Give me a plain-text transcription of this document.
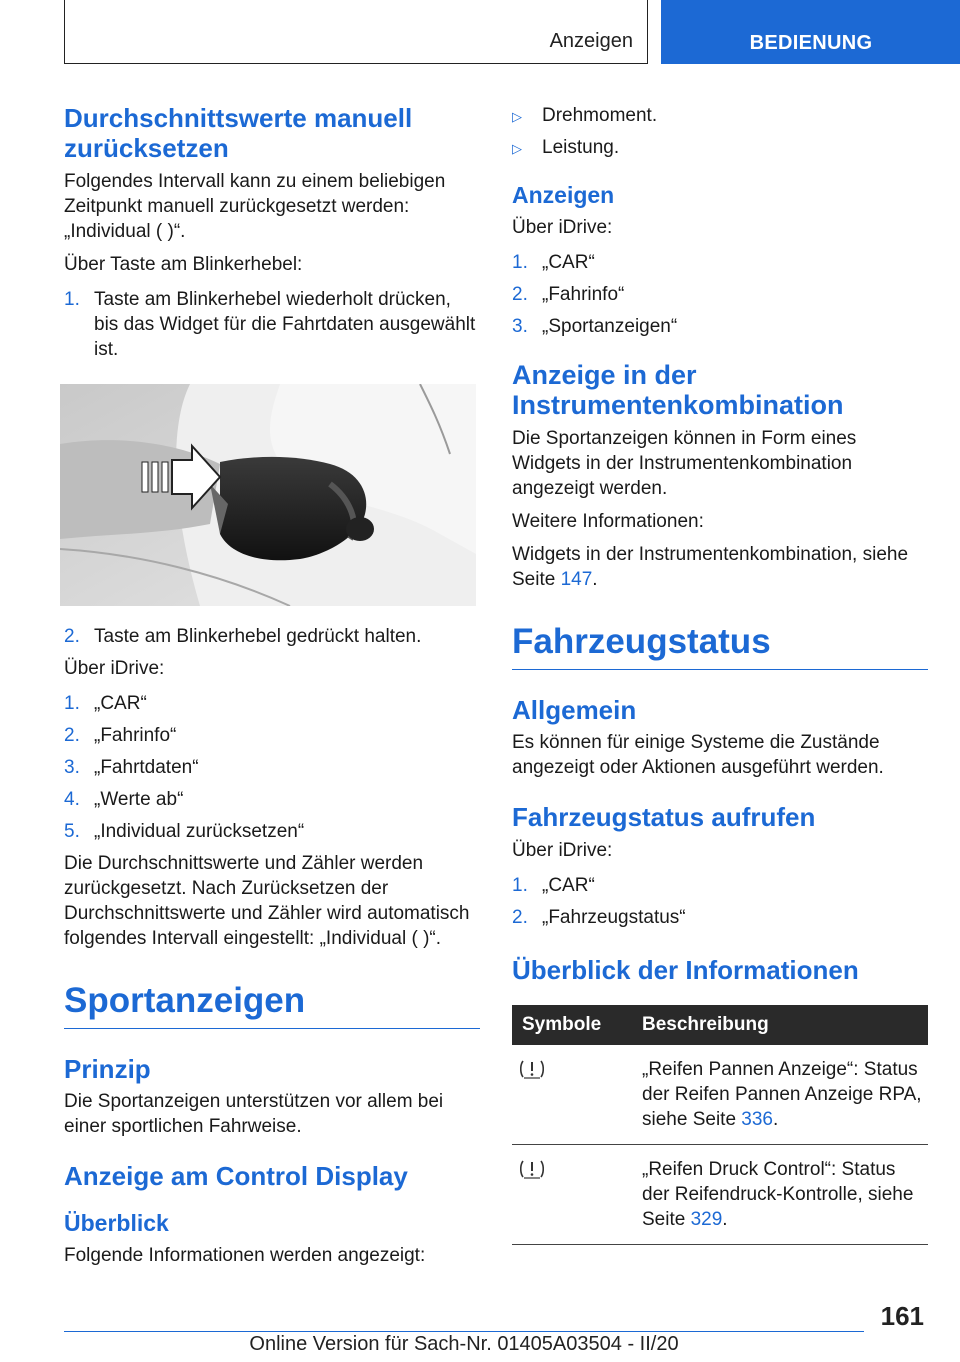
Anzeigen	BEDIENUNG
Durchschnittswerte manuell zurücksetzen

Folgendes Intervall kann zu einem beliebigen Zeitpunkt manuell zurückgesetzt werden: „Individual ( )“.

Über Taste am Blinkerhebel:

1. Taste am Blinkerhebel wiederholt drücken, bis das Widget für die Fahrtdaten ausgewählt ist.
2. Taste am Blinkerhebel gedrückt halten.

Über iDrive:

1. „CAR“
2. „Fahrinfo“
3. „Fahrtdaten“
4. „Werte ab“
5. „Individual zurücksetzen“

Die Durchschnittswerte und Zähler werden zurückgesetzt. Nach Zurücksetzen der Durchschnittswerte und Zähler wird automatisch folgendes Intervall eingestellt: „Individual ( )“.

Sportanzeigen
Prinzip

Die Sportanzeigen unterstützen vor allem bei einer sportlichen Fahrweise.

Anzeige am Control Display
Überblick

Folgende Informationen werden angezeigt:

▷ Drehmoment.
▷ Leistung.
Anzeigen

Über iDrive:

1. „CAR“
2. „Fahrinfo“
3. „Sportanzeigen“
Anzeige in der Instrumentenkombination

Die Sportanzeigen können in Form eines Widgets in der Instrumentenkombination angezeigt werden.

Weitere Informationen:

Widgets in der Instrumentenkombination, siehe Seite 147.

Fahrzeugstatus
Allgemein

Es können für einige Systeme die Zustände angezeigt oder Aktionen ausgeführt werden.

Fahrzeugstatus aufrufen

Über iDrive:

1. „CAR“
2. „Fahrzeugstatus“
Überblick der Informationen
Symbole	Beschreibung
	„Reifen Pannen Anzeige“: Status der Reifen Pannen Anzeige RPA, siehe Seite 336.
	„Reifen Druck Control“: Status der Reifendruck-Kontrolle, siehe Seite 329.
161
Online Version für Sach-Nr. 01405A03504 - II/20
